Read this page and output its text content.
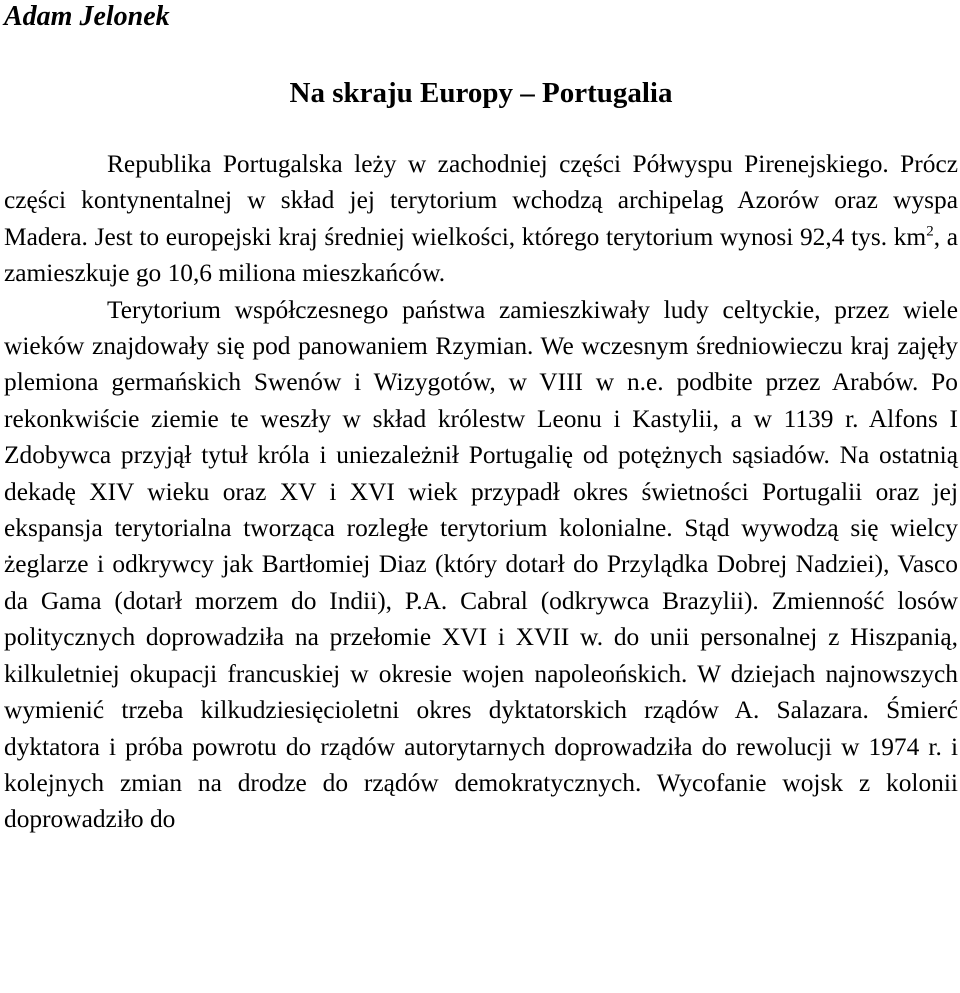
Adam Jelonek

Na skraju Europy – Portugalia

Republika Portugalska leży w zachodniej części Półwyspu Pirenejskiego. Prócz części kontynentalnej w skład jej terytorium wchodzą archipelag Azorów oraz wyspa Madera. Jest to europejski kraj średniej wielkości, którego terytorium wynosi 92,4 tys. $km^2$, a zamieszkuje go 10,6 miliona mieszkańców.

Terytorium współczesnego państwa zamieszkiwały ludy celtyckie, przez wiele wieków znajdowały się pod panowaniem Rzymian. We wczesnym średniowieczu kraj zajęły plemiona germańskich Swenów i Wizygotów, w VIII w n.e. podbite przez Arabów. Po rekonkwiście ziemie te weszły w skład królestw Leonu i Kastylii, a w 1139 r. Alfons I Zdobywca przyjął tytuł króla i uniezależnił Portugalię od potężnych sąsiadów. Na ostatnią dekadę XIV wieku oraz XV i XVI wiek przypadł okres świetności Portugalii oraz jej ekspansja terytorialna tworząca rozległe terytorium kolonialne. Stąd wywodzą się wielcy żeglarze i odkrywcy jak Bartłomiej Diaz (który dotarł do Przylądka Dobrej Nadziei), Vasco da Gama (dotarł morzem do Indii), P.A. Cabral (odkrywca Brazylii). Zmienność losów politycznych doprowadziła na przełomie XVI i XVII w. do unii personalnej z Hiszpanią, kilkuletniej okupacji francuskiej w okresie wojen napoleońskich. W dziejach najnowszych wymienić trzeba kilkudziesięcioletni okres dyktatorskich rządów A. Salazara. Śmierć dyktatora i próba powrotu do rządów autorytarnych doprowadziła do rewolucji w 1974 r. i kolejnych zmian na drodze do rządów demokratycznych. Wycofanie wojsk z kolonii doprowadziło do
